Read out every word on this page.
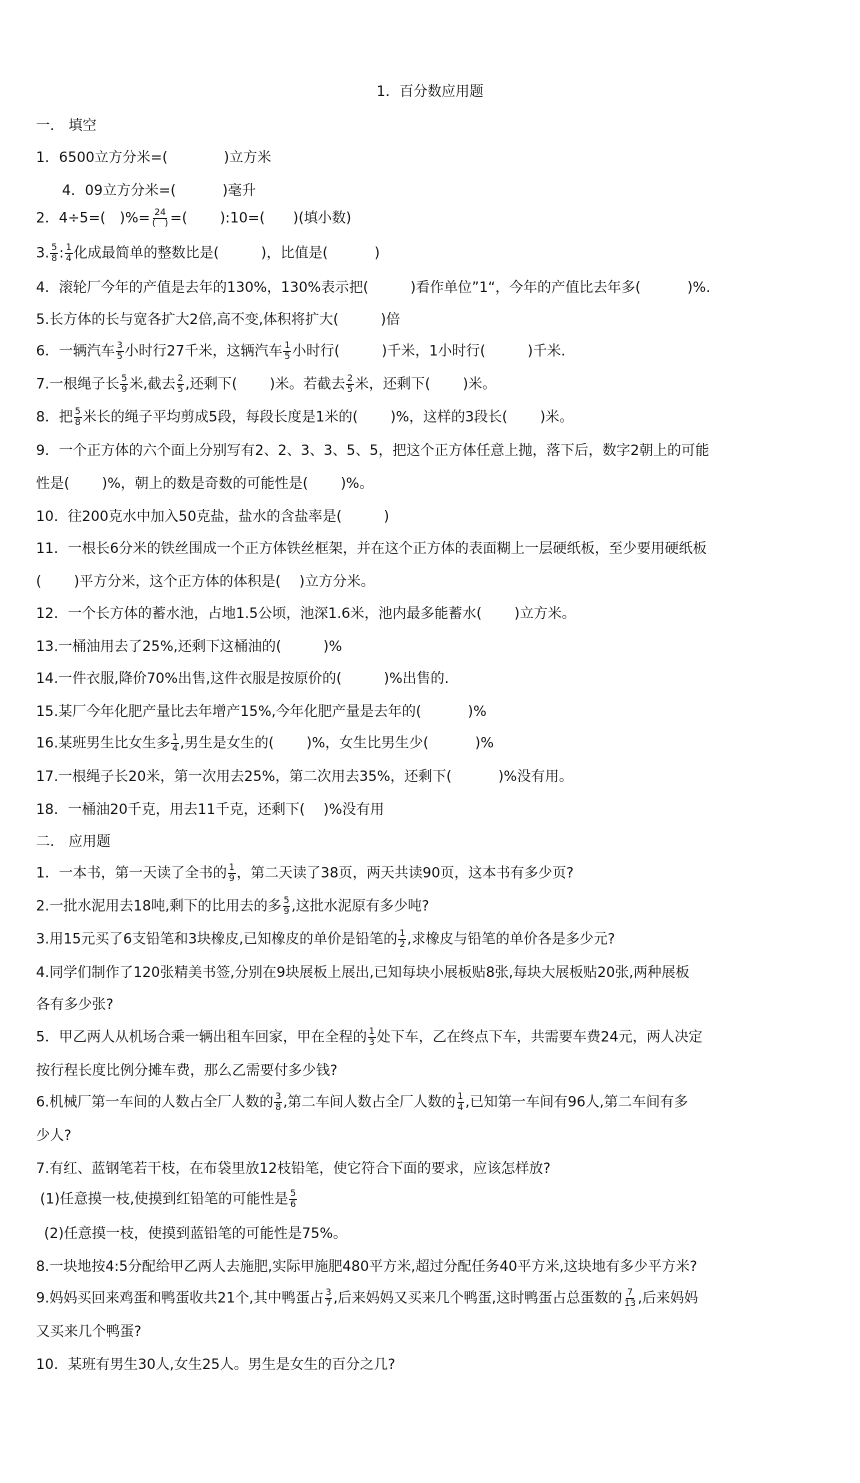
1．百分数应用题
一． 填空
1．6500立方分米=(　　　　)立方米
4．09立方分米=(　　　 )毫升
2．4÷5=(　)%= $\frac{24}{( )}$ =(　　 ):10=(　　)(填小数)
3. $\frac{5}{8}$ : $\frac{1}{4}$ 化成最简单的整数比是(　　　)，比值是(　　　 )
4．滚轮厂今年的产值是去年的130%，130%表示把(　　　)看作单位”1“，今年的产值比去年多(　　　 )%.
5.长方体的长与宽各扩大2倍,高不变,体积将扩大(　　　)倍
6．一辆汽车 $\frac{3}{5}$ 小时行27千米，这辆汽车 $\frac{1}{5}$ 小时行(　　　)千米，1小时行(　　　)千米.
7.一根绳子长 $\frac{5}{9}$ 米,截去 $\frac{2}{5}$ ,还剩下(　　 )米。若截去 $\frac{2}{5}$ 米，还剩下(　　 )米。
8．把 $\frac{5}{8}$ 米长的绳子平均剪成5段，每段长度是1米的(　　 )%，这样的3段长(　　 )米。
9．一个正方体的六个面上分别写有2、2、3、3、5、5，把这个正方体任意上抛，落下后，数字2朝上的可能
性是(　　 )%，朝上的数是奇数的可能性是(　　 )%。
10．往200克水中加入50克盐，盐水的含盐率是(　　　)
11．一根长6分米的铁丝围成一个正方体铁丝框架，并在这个正方体的表面糊上一层硬纸板，至少要用硬纸板
(　　 )平方分米，这个正方体的体积是(　 )立方分米。
12．一个长方体的蓄水池，占地1.5公顷，池深1.6米，池内最多能蓄水(　　 )立方米。
13.一桶油用去了25%,还剩下这桶油的(　　　)%
14.一件衣服,降价70%出售,这件衣服是按原价的(　　　)%出售的.
15.某厂今年化肥产量比去年增产15%,今年化肥产量是去年的(　　　 )%
16.某班男生比女生多 $\frac{1}{4}$ ,男生是女生的(　　 )%，女生比男生少(　　　 )%
17.一根绳子长20米，第一次用去25%，第二次用去35%，还剩下(　　　 )%没有用。
18．一桶油20千克，用去11千克，还剩下(　 )%没有用
二． 应用题
1．一本书，第一天读了全书的 $\frac{1}{9}$ ，第二天读了38页，两天共读90页，这本书有多少页?
2.一批水泥用去18吨,剩下的比用去的多 $\frac{5}{9}$ ,这批水泥原有多少吨?
3.用15元买了6支铅笔和3块橡皮,已知橡皮的单价是铅笔的 $\frac{1}{2}$ ,求橡皮与铅笔的单价各是多少元?
4.同学们制作了120张精美书签,分别在9块展板上展出,已知每块小展板贴8张,每块大展板贴20张,两种展板
各有多少张?
5．甲乙两人从机场合乘一辆出租车回家，甲在全程的 $\frac{1}{3}$ 处下车，乙在终点下车，共需要车费24元，两人决定
按行程长度比例分摊车费，那么乙需要付多少钱?
6.机械厂第一车间的人数占全厂人数的 $\frac{3}{8}$ ,第二车间人数占全厂人数的 $\frac{1}{4}$ ,已知第一车间有96人,第二车间有多
少人?
7.有红、蓝钢笔若干枝，在布袋里放12枝铅笔，使它符合下面的要求，应该怎样放?
(1)任意摸一枝,使摸到红铅笔的可能性是 $\frac{5}{6}$
(2)任意摸一枝，使摸到蓝铅笔的可能性是75%。
8.一块地按4:5分配给甲乙两人去施肥,实际甲施肥480平方米,超过分配任务40平方米,这块地有多少平方米?
9.妈妈买回来鸡蛋和鸭蛋收共21个,其中鸭蛋占 $\frac{3}{7}$ ,后来妈妈又买来几个鸭蛋,这时鸭蛋占总蛋数的 $\frac{7}{13}$ ,后来妈妈
又买来几个鸭蛋?
10．某班有男生30人,女生25人。男生是女生的百分之几?
